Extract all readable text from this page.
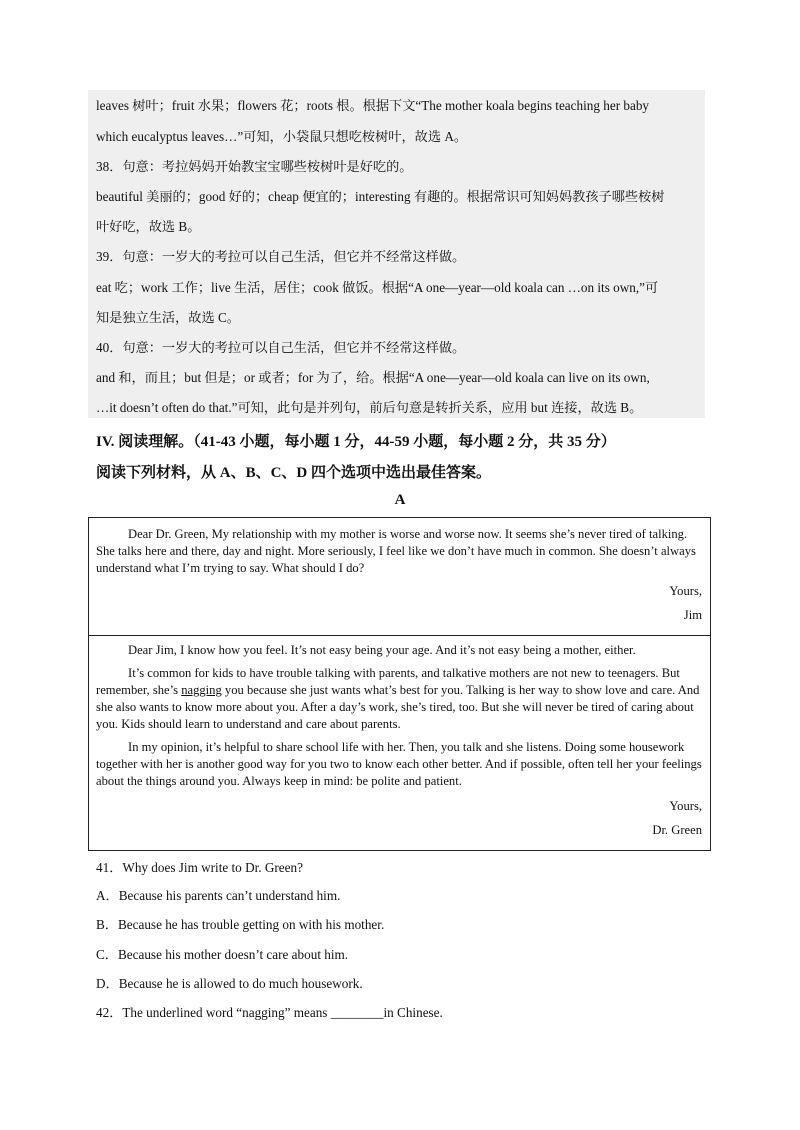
leaves 树叶；fruit 水果；flowers 花；roots 根。根据下文“The mother koala begins teaching her baby
which eucalyptus leaves…”可知，小袋鼠只想吃桉树叶，故选 A。
38．句意：考拉妈妈开始教宝宝哪些桉树叶是好吃的。
beautiful 美丽的；good 好的；cheap 便宜的；interesting 有趣的。根据常识可知妈妈教孩子哪些桉树
叶好吃，故选 B。
39．句意：一岁大的考拉可以自己生活，但它并不经常这样做。
eat 吃；work 工作；live 生活，居住；cook 做饭。根据“A one—year—old koala can …on its own,”可
知是独立生活，故选 C。
40．句意：一岁大的考拉可以自己生活，但它并不经常这样做。
and 和，而且；but 但是；or 或者；for 为了，给。根据“A one—year—old koala can live on its own,
…it doesn’t often do that.”可知，此句是并列句，前后句意是转折关系，应用 but 连接，故选 B。
IV. 阅读理解。（41-43 小题，每小题 1 分，44-59 小题，每小题 2 分，共 35 分）
阅读下列材料，从 A、B、C、D 四个选项中选出最佳答案。
A

Dear Dr. Green, My relationship with my mother is worse and worse now. It seems she’s never tired of talking. She talks here and there, day and night. More seriously, I feel like we don’t have much in common. She doesn’t always understand what I’m trying to say. What should I do?

Yours,
Jim

Dear Jim, I know how you feel. It’s not easy being your age. And it’s not easy being a mother, either.

It’s common for kids to have trouble talking with parents, and talkative mothers are not new to teenagers. But remember, she’s nagging you because she just wants what’s best for you. Talking is her way to show love and care. And she also wants to know more about you. After a day’s work, she’s tired, too. But she will never be tired of caring about you. Kids should learn to understand and care about parents.

In my opinion, it’s helpful to share school life with her. Then, you talk and she listens. Doing some housework together with her is another good way for you two to know each other better. And if possible, often tell her your feelings about the things around you. Always keep in mind: be polite and patient.

Yours,
Dr. Green
41．Why does Jim write to Dr. Green?
A．Because his parents can’t understand him.
B．Because he has trouble getting on with his mother.
C．Because his mother doesn’t care about him.
D．Because he is allowed to do much housework.
42．The underlined word “nagging” means ________in Chinese.
